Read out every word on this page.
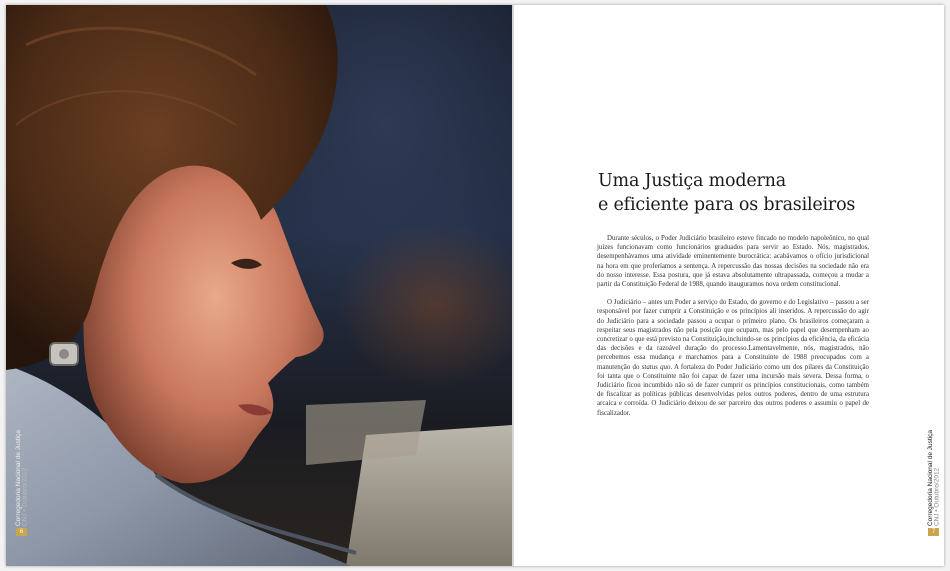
Corregedoria Nacional de Justiça
CNJ • Outubro/2012
6
Uma Justiça moderna
e eficiente para os brasileiros

Durante séculos, o Poder Judiciário brasileiro esteve fincado no modelo napoleônico, no qual juízes funcionavam como funcionários graduados para servir ao Estado. Nós, magistrados, desempenhávamos uma atividade eminentemente burocrática: acabávamos o ofício jurisdicional na hora em que proferíamos a sentença. A repercussão das nossas decisões na sociedade não era do nosso interesse. Essa postura, que já estava absolutamente ultrapassada, começou a mudar a partir da Constituição Federal de 1988, quando inauguramos nova ordem constitucional.

O Judiciário – antes um Poder a serviço do Estado, do governo e do Legislativo – passou a ser responsável por fazer cumprir a Constituição e os princípios ali inseridos. A repercussão do agir do Judiciário para a sociedade passou a ocupar o primeiro plano. Os brasileiros começaram a respeitar seus magistrados não pela posição que ocupam, mas pelo papel que desempenham ao concretizar o que está previsto na Constituição,incluindo-se os princípios da eficiência, da eficácia das decisões e da razoável duração do processo.Lamentavelmente, nós, magistrados, não percebemos essa mudança e marchamos para a Constituinte de 1988 preocupados com a manutenção do status quo. A fortaleza do Poder Judiciário como um dos pilares da Constituição foi tanta que o Constituinte não foi capaz de fazer uma incursão mais severa. Dessa forma, o Judiciário ficou incumbido não só de fazer cumprir os princípios constitucionais, como também de fiscalizar as políticas públicas desenvolvidas pelos outros poderes, dentro de uma estrutura arcaica e corroída. O Judiciário deixou de ser parceiro dos outros poderes e assumiu o papel de fiscalizador.

Corregedoria Nacional de Justiça
CNJ • Outubro/2012
7
